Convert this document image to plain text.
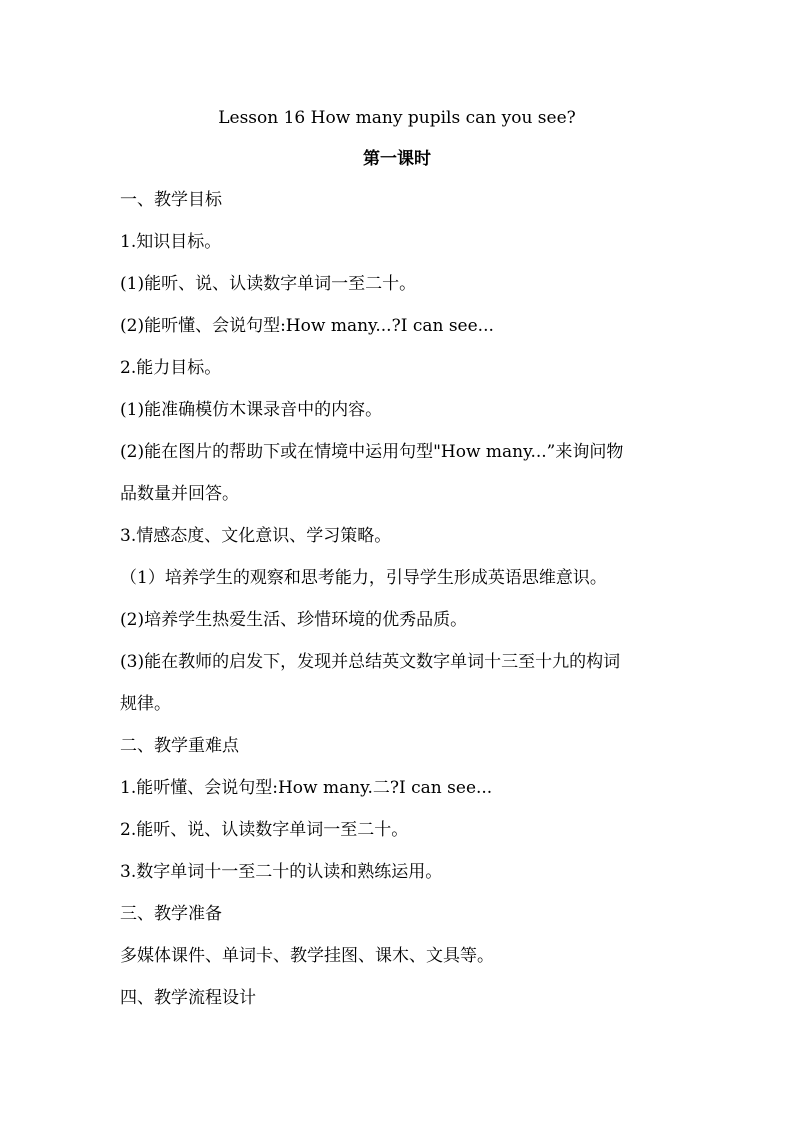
Lesson 16 How many pupils can you see?
第一课时
一、教学目标
1.知识目标。
(1)能听、说、认读数字单词一至二十。
(2)能听懂、会说句型:How many...?I can see...
2.能力目标。
(1)能准确模仿木课录音中的内容。
(2)能在图片的帮助下或在情境中运用句型"How many...”来询问物
品数量并回答。
3.情感态度、文化意识、学习策略。
（1）培养学生的观察和思考能力，引导学生形成英语思维意识。
(2)培养学生热爱生活、珍惜环境的优秀品质。
(3)能在教师的启发下，发现并总结英文数字单词十三至十九的构词
规律。
二、教学重难点
1.能听懂、会说句型:How many.二?I can see...
2.能听、说、认读数字单词一至二十。
3.数字单词十一至二十的认读和熟练运用。
三、教学准备
多媒体课件、单词卡、教学挂图、课木、文具等。
四、教学流程设计
